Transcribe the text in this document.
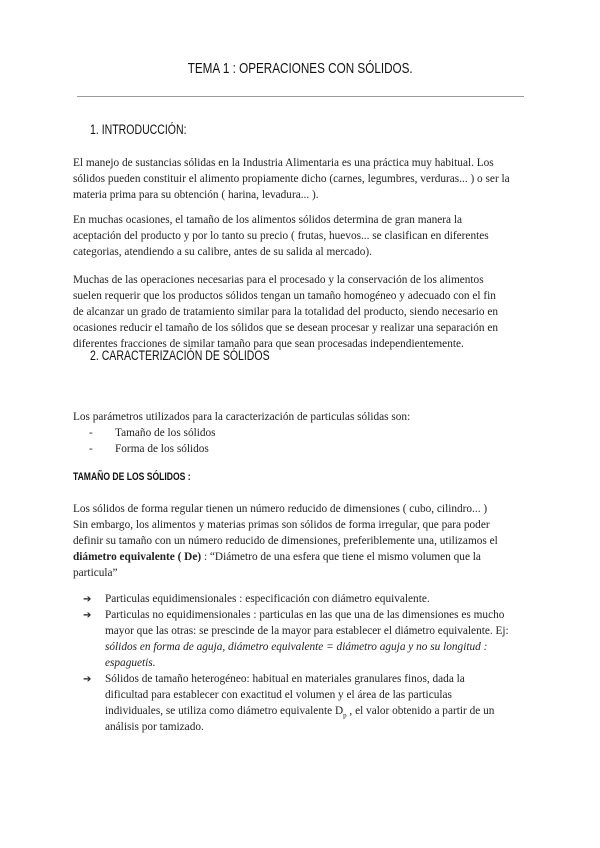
TEMA 1 : OPERACIONES CON SÓLIDOS.
1. INTRODUCCIÓN:
El manejo de sustancias sólidas en la Industria Alimentaria es una práctica muy habitual. Los
sólidos pueden constituir el alimento propiamente dicho (carnes, legumbres, verduras... ) o ser la
materia prima para su obtención ( harina, levadura... ).
En muchas ocasiones, el tamaño de los alimentos sólidos determina de gran manera la
aceptación del producto y por lo tanto su precio ( frutas, huevos... se clasifican en diferentes
categorias, atendiendo a su calibre, antes de su salida al mercado).
Muchas de las operaciones necesarias para el procesado y la conservación de los alimentos
suelen requerir que los productos sólidos tengan un tamaño homogéneo y adecuado con el fin
de alcanzar un grado de tratamiento similar para la totalidad del producto, siendo necesario en
ocasiones reducir el tamaño de los sólidos que se desean procesar y realizar una separación en
diferentes fracciones de similar tamaño para que sean procesadas independientemente.
2. CARACTERIZACIÓN DE SÓLIDOS
Los parámetros utilizados para la caracterización de particulas sólidas son:
- Tamaño de los sólidos
- Forma de los sólidos
TAMAÑO DE LOS SÓLIDOS :
Los sólidos de forma regular tienen un número reducido de dimensiones ( cubo, cilindro... )
Sin embargo, los alimentos y materias primas son sólidos de forma irregular, que para poder
definir su tamaño con un número reducido de dimensiones, preferiblemente una, utilizamos el
diámetro equivalente ( De) : “Diámetro de una esfera que tiene el mismo volumen que la
particula”
➔ Particulas equidimensionales : especificación con diámetro equivalente.
➔ Particulas no equidimensionales : particulas en las que una de las dimensiones es mucho
mayor que las otras: se prescinde de la mayor para establecer el diámetro equivalente. Ej:
sólidos en forma de aguja, diámetro equivalente = diámetro aguja y no su longitud :
espaguetis.
➔ Sólidos de tamaño heterogéneo: habitual en materiales granulares finos, dada la
dificultad para establecer con exactitud el volumen y el área de las particulas
individuales, se utiliza como diámetro equivalente $D_p$ , el valor obtenido a partir de un
análisis por tamizado.
